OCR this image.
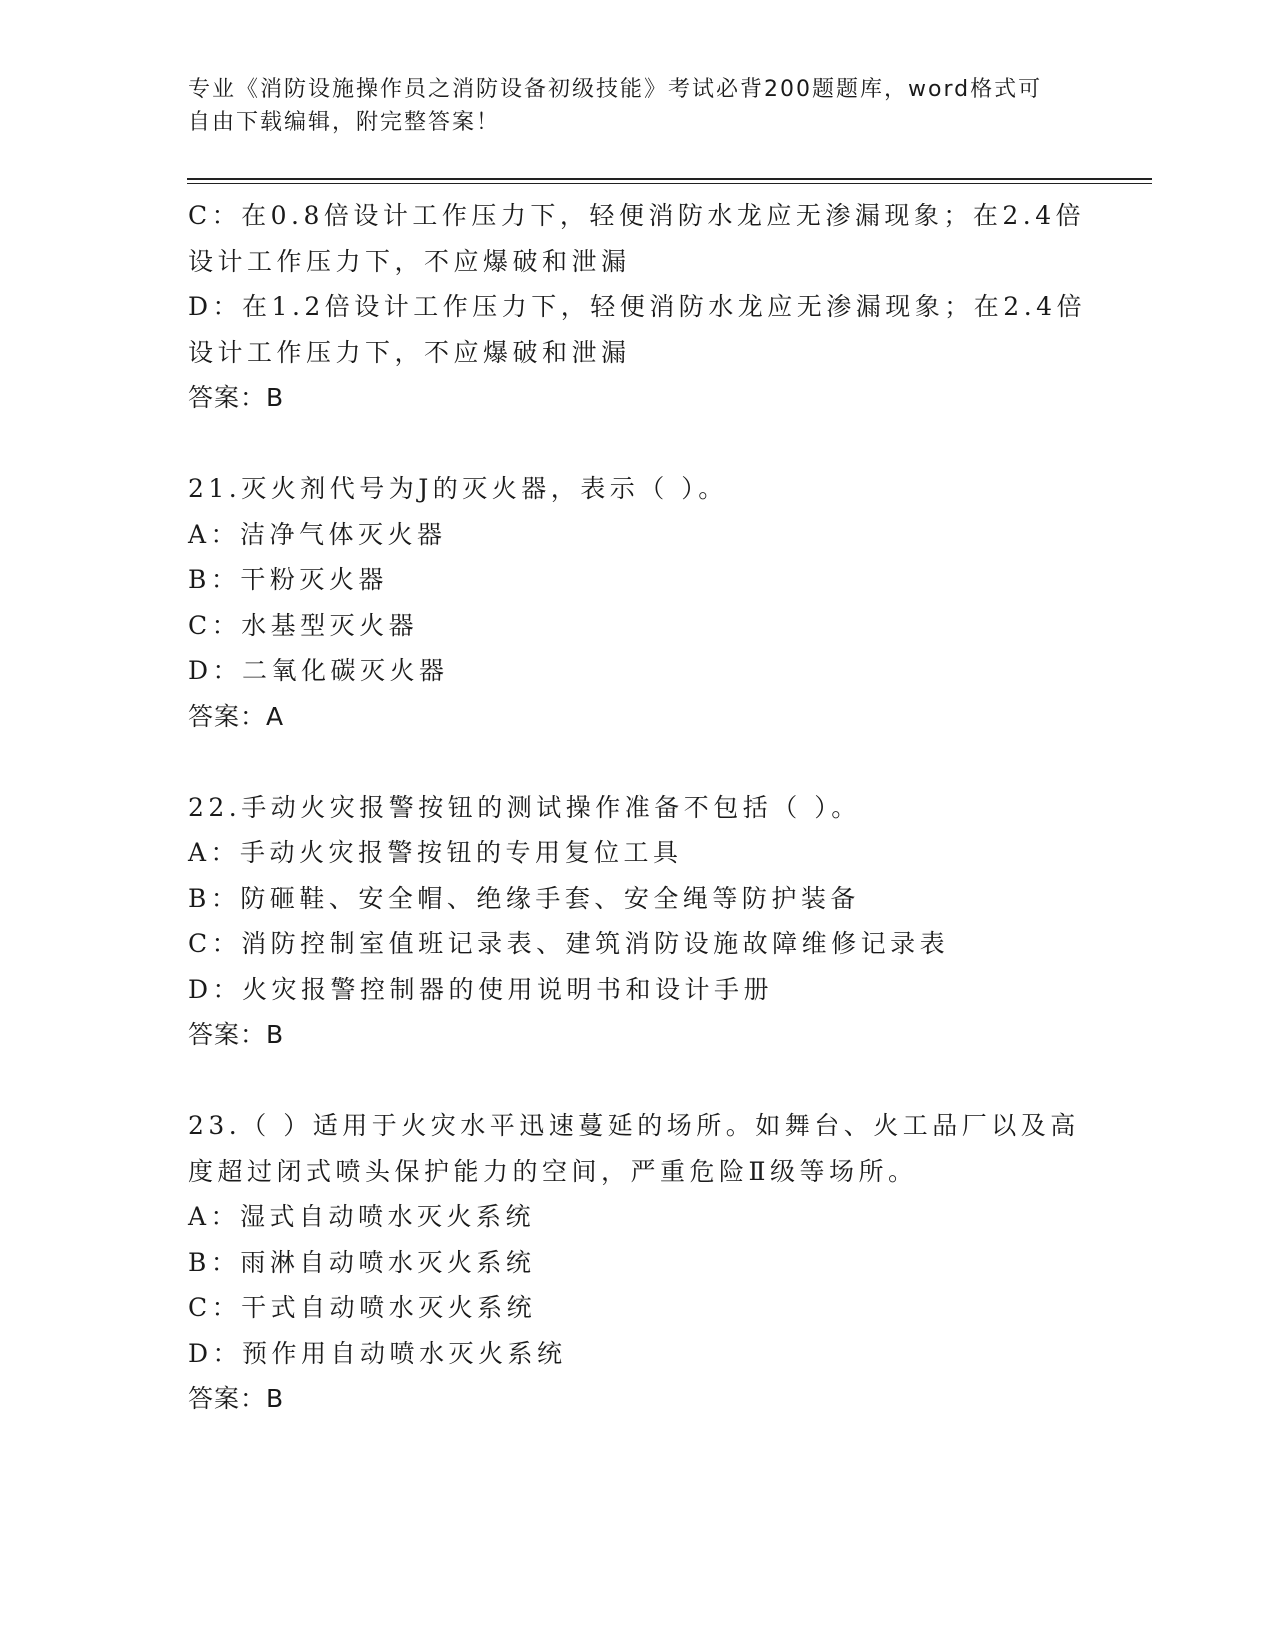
专业《消防设施操作员之消防设备初级技能》考试必背200题题库，word格式可
自由下载编辑，附完整答案！
C：在0.8倍设计工作压力下，轻便消防水龙应无渗漏现象；在2.4倍
设计工作压力下，不应爆破和泄漏
D：在1.2倍设计工作压力下，轻便消防水龙应无渗漏现象；在2.4倍
设计工作压力下，不应爆破和泄漏
答案：B
21.灭火剂代号为J的灭火器，表示（ ）。
A：洁净气体灭火器
B：干粉灭火器
C：水基型灭火器
D：二氧化碳灭火器
答案：A
22.手动火灾报警按钮的测试操作准备不包括（ ）。
A：手动火灾报警按钮的专用复位工具
B：防砸鞋、安全帽、绝缘手套、安全绳等防护装备
C：消防控制室值班记录表、建筑消防设施故障维修记录表
D：火灾报警控制器的使用说明书和设计手册
答案：B
23.（ ）适用于火灾水平迅速蔓延的场所。如舞台、火工品厂以及高
度超过闭式喷头保护能力的空间，严重危险Ⅱ级等场所。
A：湿式自动喷水灭火系统
B：雨淋自动喷水灭火系统
C：干式自动喷水灭火系统
D：预作用自动喷水灭火系统
答案：B
